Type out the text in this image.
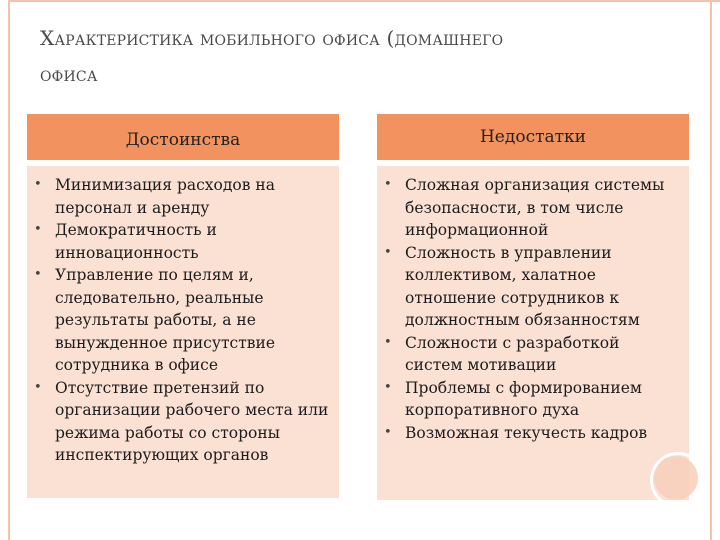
Характеристика мобильного офиса (домашнего
офиса
Достоинства
• Минимизация расходов на персонал и аренду
• Демократичность и инновационность
• Управление по целям и, следовательно, реальные результаты работы, а не вынужденное присутствие сотрудника в офисе
• Отсутствие претензий по организации рабочего места или режима работы со стороны инспектирующих органов
Недостатки
• Сложная организация системы безопасности, в том числе информационной
• Сложность в управлении коллективом, халатное отношение сотрудников к должностным обязанностям
• Сложности с разработкой систем мотивации
• Проблемы с формированием корпоративного духа
• Возможная текучесть кадров
